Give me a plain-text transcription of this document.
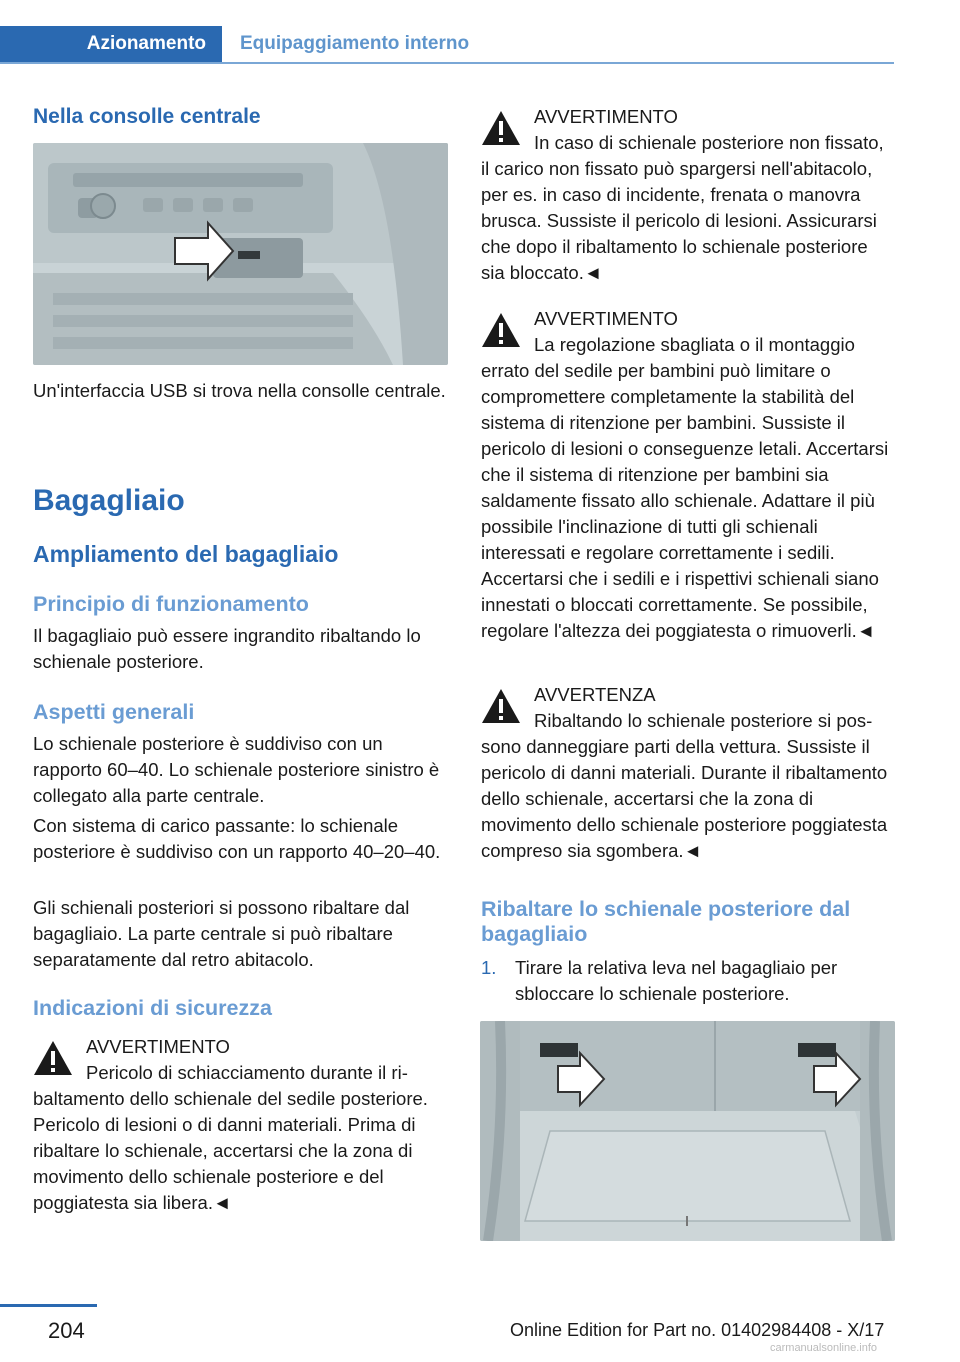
Azionamento	Equipaggiamento interno
Nella consolle centrale

Un'interfaccia USB si trova nella consolle centrale.

Bagagliaio
Ampliamento del bagagliaio
Principio di funzionamento

Il bagagliaio può essere ingrandito ribaltando lo schienale posteriore.

Aspetti generali

Lo schienale posteriore è suddiviso con un rapporto 60–40. Lo schienale posteriore sinistro è collegato alla parte centrale.

Con sistema di carico passante: lo schienale posteriore è suddiviso con un rapporto 40–20–40.

Gli schienali posteriori si possono ribaltare dal bagagliaio. La parte centrale si può ribaltare separatamente dal retro abitacolo.

Indicazioni di sicurezza
AVVERTIMENTO

Pericolo di schiacciamento durante il ribaltamento dello schienale del sedile posteriore. Pericolo di lesioni o di danni materiali. Prima di ribaltare lo schienale, accertarsi che la zona di movimento dello schienale posteriore e del poggiatesta sia libera.◄

AVVERTIMENTO

In caso di schienale posteriore non fissato, il carico non fissato può spargersi nell'abitacolo, per es. in caso di incidente, frenata o manovra brusca. Sussiste il pericolo di lesioni. Assicurarsi che dopo il ribaltamento lo schienale posteriore sia bloccato.◄

AVVERTIMENTO

La regolazione sbagliata o il montaggio errato del sedile per bambini può limitare o compromettere completamente la stabilità del sistema di ritenzione per bambini. Sussiste il pericolo di lesioni o conseguenze letali. Accertarsi che il sistema di ritenzione per bambini sia saldamente fissato allo schienale. Adattare il più possibile l'inclinazione di tutti gli schienali interessati e regolare correttamente i sedili. Accertarsi che i sedili e i rispettivi schienali siano innestati o bloccati correttamente. Se possibile, regolare l'altezza dei poggiatesta o rimuoverli.◄

AVVERTENZA

Ribaltando lo schienale posteriore si possono danneggiare parti della vettura. Sussiste il pericolo di danni materiali. Durante il ribaltamento dello schienale, accertarsi che la zona di movimento dello schienale posteriore poggiatesta compreso sia sgombera.◄

Ribaltare lo schienale posteriore dal bagagliaio
1. Tirare la relativa leva nel bagagliaio per sbloccare lo schienale posteriore.
204	Online Edition for Part no. 01402984408 - X/17
carmanualsonline.info
